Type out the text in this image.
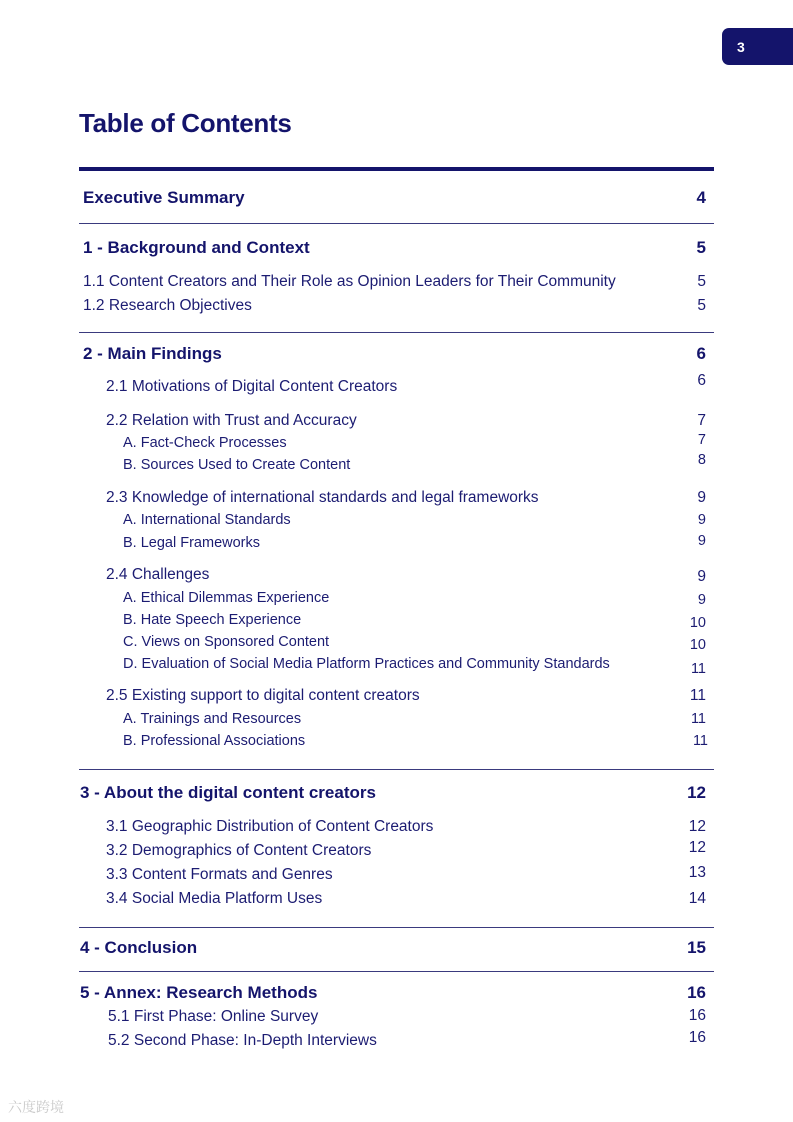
3
Table of Contents
Executive Summary	4
1 - Background and Context	5
1.1 Content Creators and Their Role as Opinion Leaders for Their Community	5
1.2 Research Objectives	5
2 - Main Findings	6
2.1 Motivations of Digital Content Creators	6
2.2 Relation with Trust and Accuracy	7
A. Fact-Check Processes	7
B. Sources Used to Create Content	8
2.3 Knowledge of international standards and legal frameworks	9
A. International Standards	9
B. Legal Frameworks	9
2.4 Challenges	9
A. Ethical Dilemmas Experience	9
B. Hate Speech Experience	10
C. Views on Sponsored Content	10
D. Evaluation of Social Media Platform Practices and Community Standards	11
2.5 Existing support to digital content creators	11
A. Trainings and Resources	11
B. Professional Associations	11
3 - About the digital content creators	12
3.1 Geographic Distribution of Content Creators	12
3.2 Demographics of Content Creators	12
3.3 Content Formats and Genres	13
3.4 Social Media Platform Uses	14
4 - Conclusion	15
5 - Annex: Research Methods	16
5.1 First Phase: Online Survey	16
5.2 Second Phase: In-Depth Interviews	16
六度跨境
